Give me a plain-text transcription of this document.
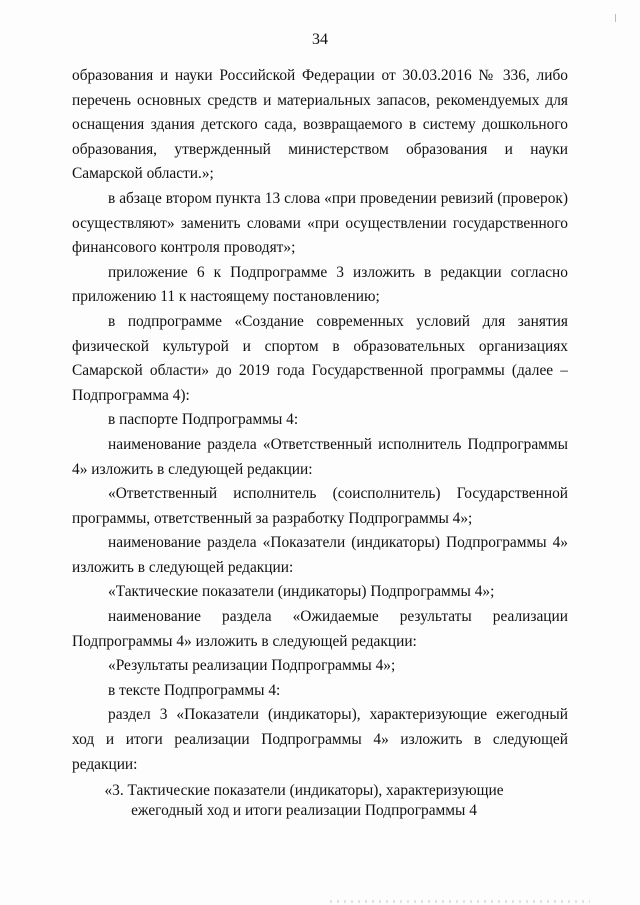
34

образования и науки Российской Федерации от 30.03.2016 № 336, либо перечень основных средств и материальных запасов, рекомендуемых для оснащения здания детского сада, возвращаемого в систему дошкольного образования, утвержденный министерством образования и науки Самарской области.»;

в абзаце втором пункта 13 слова «при проведении ревизий (проверок) осуществляют» заменить словами «при осуществлении государственного финансового контроля проводят»;

приложение 6 к Подпрограмме 3 изложить в редакции согласно приложению 11 к настоящему постановлению;

в подпрограмме «Создание современных условий для занятия физической культурой и спортом в образовательных организациях Самарской области» до 2019 года Государственной программы (далее – Подпрограмма 4):

в паспорте Подпрограммы 4:

наименование раздела «Ответственный исполнитель Подпрограммы 4» изложить в следующей редакции:

«Ответственный исполнитель (соисполнитель) Государственной программы, ответственный за разработку Подпрограммы 4»;

наименование раздела «Показатели (индикаторы) Подпрограммы 4» изложить в следующей редакции:

«Тактические показатели (индикаторы) Подпрограммы 4»;

наименование раздела «Ожидаемые результаты реализации Подпрограммы 4» изложить в следующей редакции:

«Результаты реализации Подпрограммы 4»;

в тексте Подпрограммы 4:

раздел 3 «Показатели (индикаторы), характеризующие ежегодный ход и итоги реализации Подпрограммы 4» изложить в следующей редакции:

«3. Тактические показатели (индикаторы), характеризующие ежегодный ход и итоги реализации Подпрограммы 4
